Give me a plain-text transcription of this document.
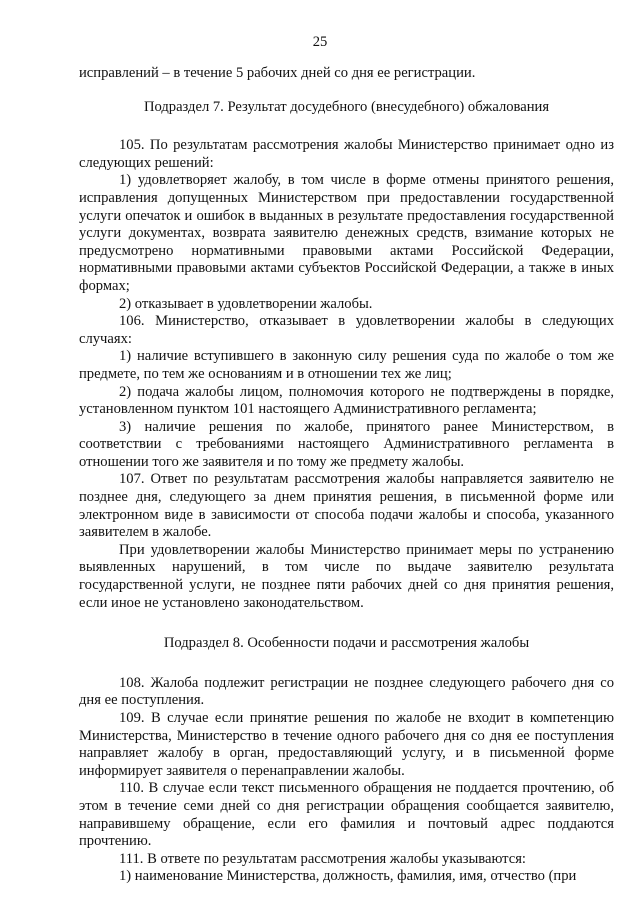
25

исправлений – в течение 5 рабочих дней со дня ее регистрации.

Подраздел 7. Результат досудебного (внесудебного) обжалования

105. По результатам рассмотрения жалобы Министерство принимает одно из следующих решений:

1) удовлетворяет жалобу, в том числе в форме отмены принятого решения, исправления допущенных Министерством при предоставлении государственной услуги опечаток и ошибок в выданных в результате предоставления государственной услуги документах, возврата заявителю денежных средств, взимание которых не предусмотрено нормативными правовыми актами Российской Федерации, нормативными правовыми актами субъектов Российской Федерации, а также в иных формах;

2) отказывает в удовлетворении жалобы.

106. Министерство, отказывает в удовлетворении жалобы в следующих случаях:

1) наличие вступившего в законную силу решения суда по жалобе о том же предмете, по тем же основаниям и в отношении тех же лиц;

2) подача жалобы лицом, полномочия которого не подтверждены в порядке, установленном пунктом 101 настоящего Административного регламента;

3) наличие решения по жалобе, принятого ранее Министерством, в соответствии с требованиями настоящего Административного регламента в отношении того же заявителя и по тому же предмету жалобы.

107. Ответ по результатам рассмотрения жалобы направляется заявителю не позднее дня, следующего за днем принятия решения, в письменной форме или электронном виде в зависимости от способа подачи жалобы и способа, указанного заявителем в жалобе.

При удовлетворении жалобы Министерство принимает меры по устранению выявленных нарушений, в том числе по выдаче заявителю результата государственной услуги, не позднее пяти рабочих дней со дня принятия решения, если иное не установлено законодательством.

Подраздел 8. Особенности подачи и рассмотрения жалобы

108. Жалоба подлежит регистрации не позднее следующего рабочего дня со дня ее поступления.

109. В случае если принятие решения по жалобе не входит в компетенцию Министерства, Министерство в течение одного рабочего дня со дня ее поступления направляет жалобу в орган, предоставляющий услугу, и в письменной форме информирует заявителя о перенаправлении жалобы.

110. В случае если текст письменного обращения не поддается прочтению, об этом в течение семи дней со дня регистрации обращения сообщается заявителю, направившему обращение, если его фамилия и почтовый адрес поддаются прочтению.

111. В ответе по результатам рассмотрения жалобы указываются:

1) наименование Министерства, должность, фамилия, имя, отчество (при
